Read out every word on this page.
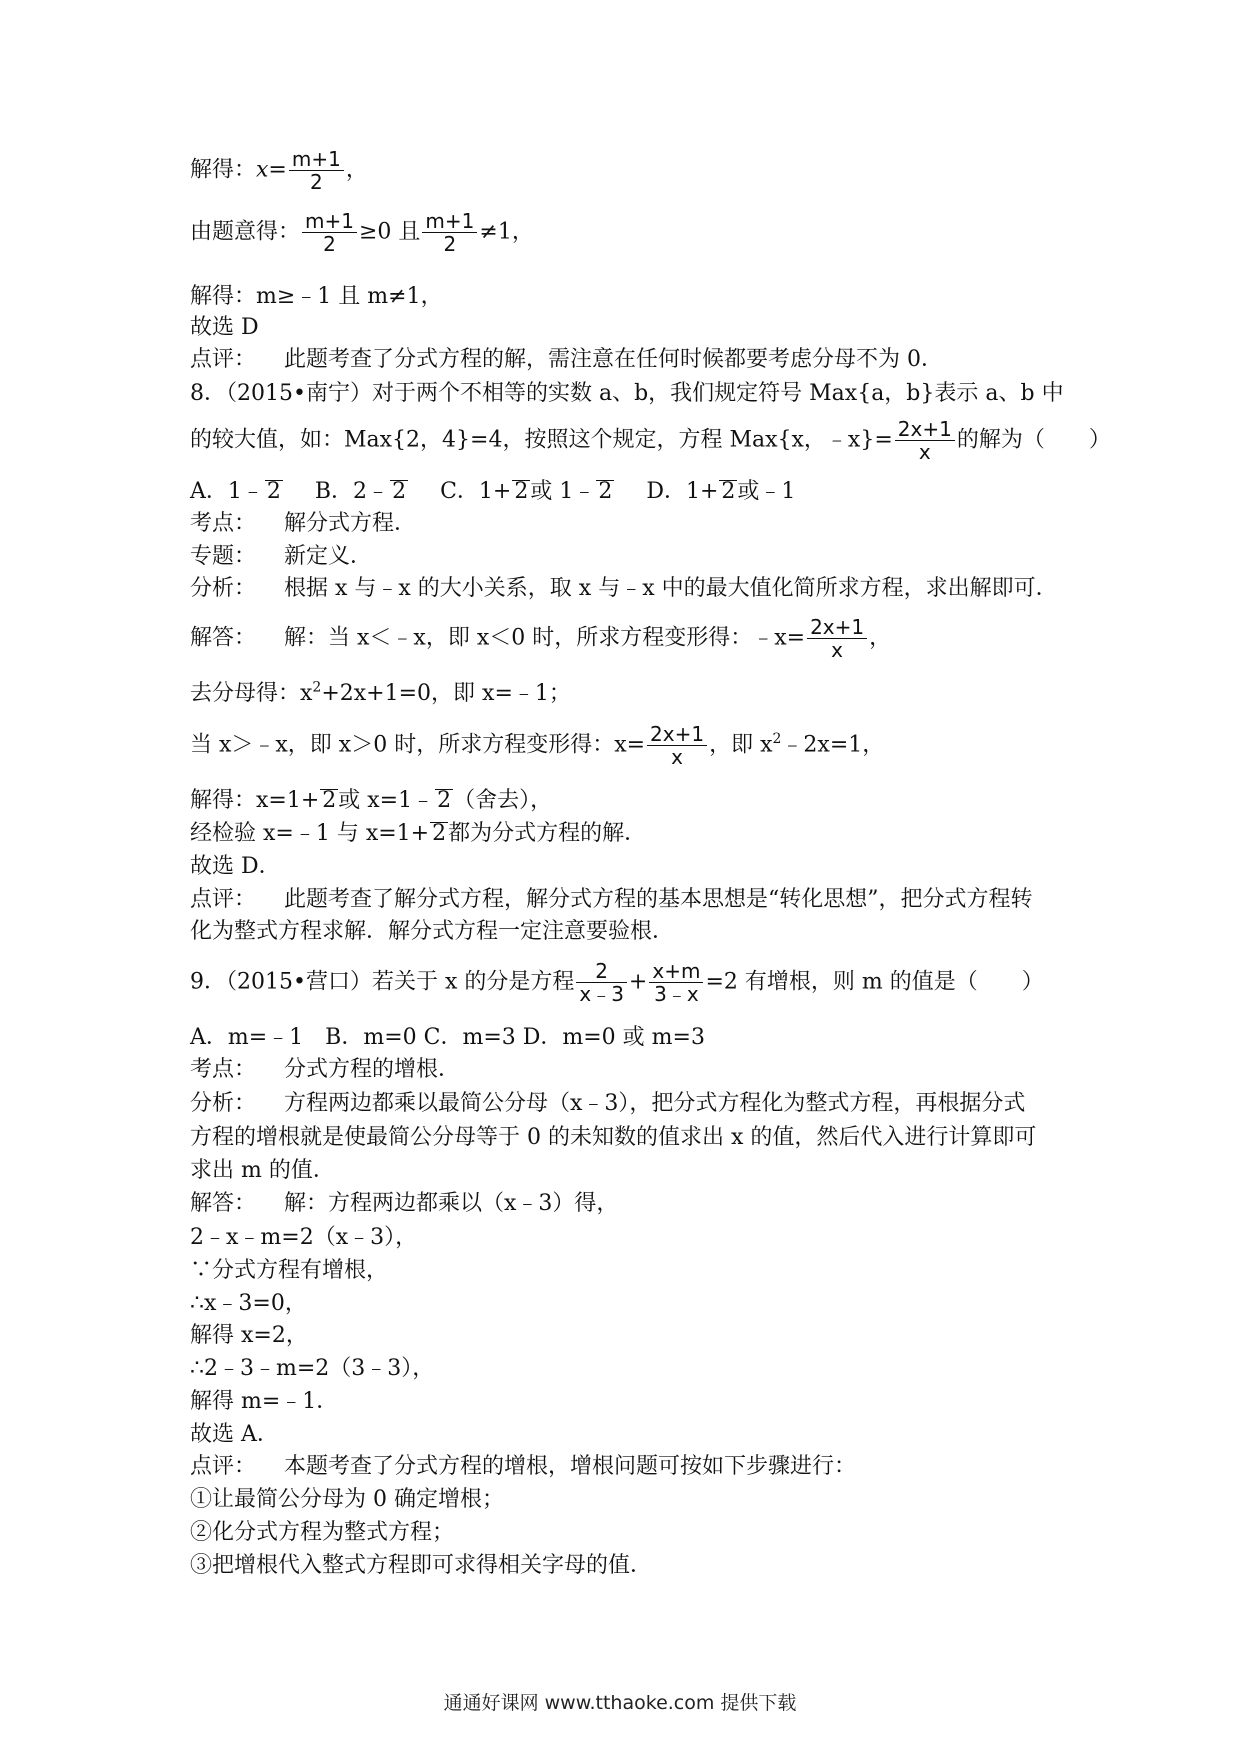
解得：$x= \frac{m+1}{2}$ ，
由题意得： $\frac{m+1}{2} \ge 0$ 且 $\frac{m+1}{2} \ne 1$，
解得：m≥﹣1 且 m≠1，
故选 D
点评： 此题考查了分式方程的解，需注意在任何时候都要考虑分母不为 0．
8．（2015•南宁）对于两个不相等的实数 a、b，我们规定符号 Max{a，b}表示 a、b 中
的较大值，如：Max{2，4}=4，按照这个规定，方程 Max{x，﹣x}= $\frac{2x+1}{x}$ 的解为（　　）
A．1﹣ 2 B．2﹣ 2 C．1+ 2或 1﹣ 2 D．1+ 2或﹣1
考点： 解分式方程．
专题： 新定义．
分析： 根据 x 与﹣x 的大小关系，取 x 与﹣x 中的最大值化简所求方程，求出解即可．
解答： 解：当 x＜﹣x，即 x＜0 时，所求方程变形得：﹣x= $\frac{2x+1}{x}$ ，
去分母得：$x^2+2x+1=0$，即 x=﹣1；
当 x＞﹣x，即 x＞0 时，所求方程变形得：$x= \frac{2x+1}{x}$ ，即 $x^2﹣2x=1$，
解得：x=1+ 2或 x=1﹣ 2（舍去），
经检验 x=﹣1 与 x=1+ 2都为分式方程的解．
故选 D．
点评： 此题考查了解分式方程，解分式方程的基本思想是“转化思想”，把分式方程转
化为整式方程求解．解分式方程一定注意要验根．
9．（2015•营口）若关于 x 的分是方程 $\frac{2}{x﹣3} + \frac{x+m}{3﹣x} =2$ 有增根，则 m 的值是（　　）
A．m=﹣1　B．m=0 C．m=3 D．m=0 或 m=3
考点： 分式方程的增根．
分析： 方程两边都乘以最简公分母（x﹣3），把分式方程化为整式方程，再根据分式
方程的增根就是使最简公分母等于 0 的未知数的值求出 x 的值，然后代入进行计算即可
求出 m 的值．
解答： 解：方程两边都乘以（x﹣3）得，
2﹣x﹣m=2（x﹣3），
∵分式方程有增根，
∴x﹣3=0，
解得 x=2，
∴2﹣3﹣m=2（3﹣3），
解得 m=﹣1．
故选 A．
点评： 本题考查了分式方程的增根，增根问题可按如下步骤进行：
①让最简公分母为 0 确定增根；
②化分式方程为整式方程；
③把增根代入整式方程即可求得相关字母的值．
通通好课网 www.tthaoke.com 提供下载
